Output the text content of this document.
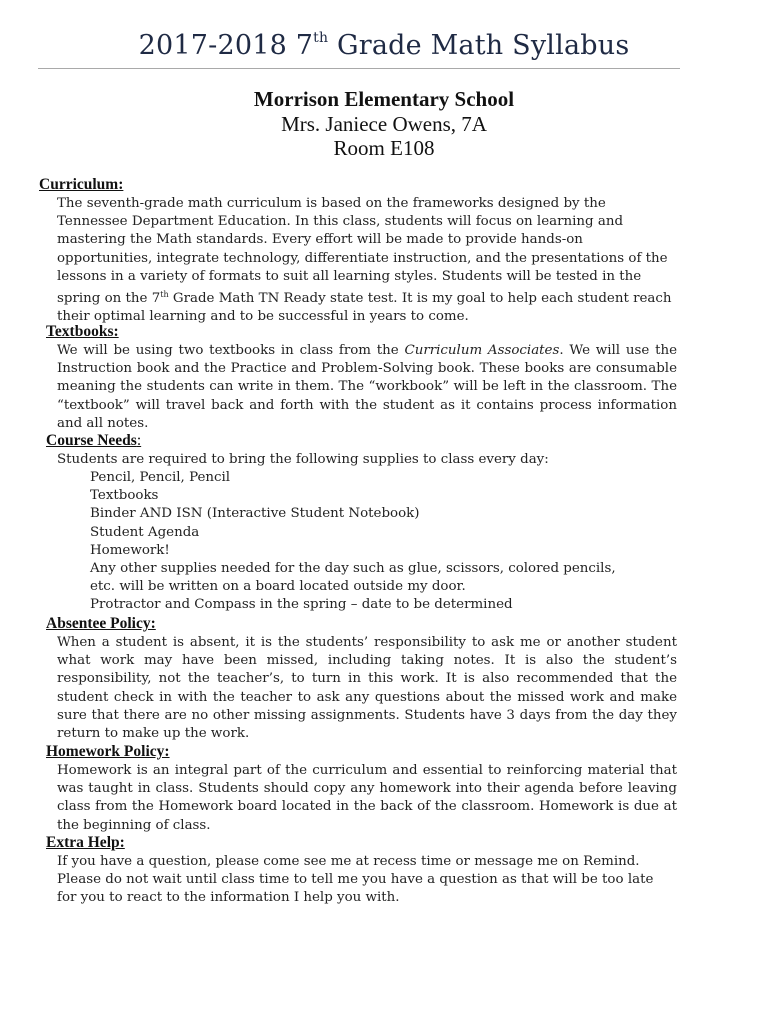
2017-2018 7th Grade Math Syllabus
Morrison Elementary School
Mrs. Janiece Owens, 7A
Room E108
Curriculum:
The seventh-grade math curriculum is based on the frameworks designed by the Tennessee Department Education. In this class, students will focus on learning and mastering the Math standards. Every effort will be made to provide hands-on opportunities, integrate technology, differentiate instruction, and the presentations of the lessons in a variety of formats to suit all learning styles. Students will be tested in the spring on the 7th Grade Math TN Ready state test. It is my goal to help each student reach their optimal learning and to be successful in years to come.
Textbooks:
We will be using two textbooks in class from the Curriculum Associates. We will use the Instruction book and the Practice and Problem-Solving book. These books are consumable meaning the students can write in them. The “workbook” will be left in the classroom. The “textbook” will travel back and forth with the student as it contains process information and all notes.
Course Needs:
Students are required to bring the following supplies to class every day:
Pencil, Pencil, Pencil
Textbooks
Binder AND ISN (Interactive Student Notebook)
Student Agenda
Homework!
Any other supplies needed for the day such as glue, scissors, colored pencils,
etc. will be written on a board located outside my door.
Protractor and Compass in the spring – date to be determined
Absentee Policy:
When a student is absent, it is the students’ responsibility to ask me or another student what work may have been missed, including taking notes. It is also the student’s responsibility, not the teacher’s, to turn in this work. It is also recommended that the student check in with the teacher to ask any questions about the missed work and make sure that there are no other missing assignments. Students have 3 days from the day they return to make up the work.
Homework Policy:
Homework is an integral part of the curriculum and essential to reinforcing material that was taught in class. Students should copy any homework into their agenda before leaving class from the Homework board located in the back of the classroom. Homework is due at the beginning of class.
Extra Help:
If you have a question, please come see me at recess time or message me on Remind. Please do not wait until class time to tell me you have a question as that will be too late for you to react to the information I help you with.
